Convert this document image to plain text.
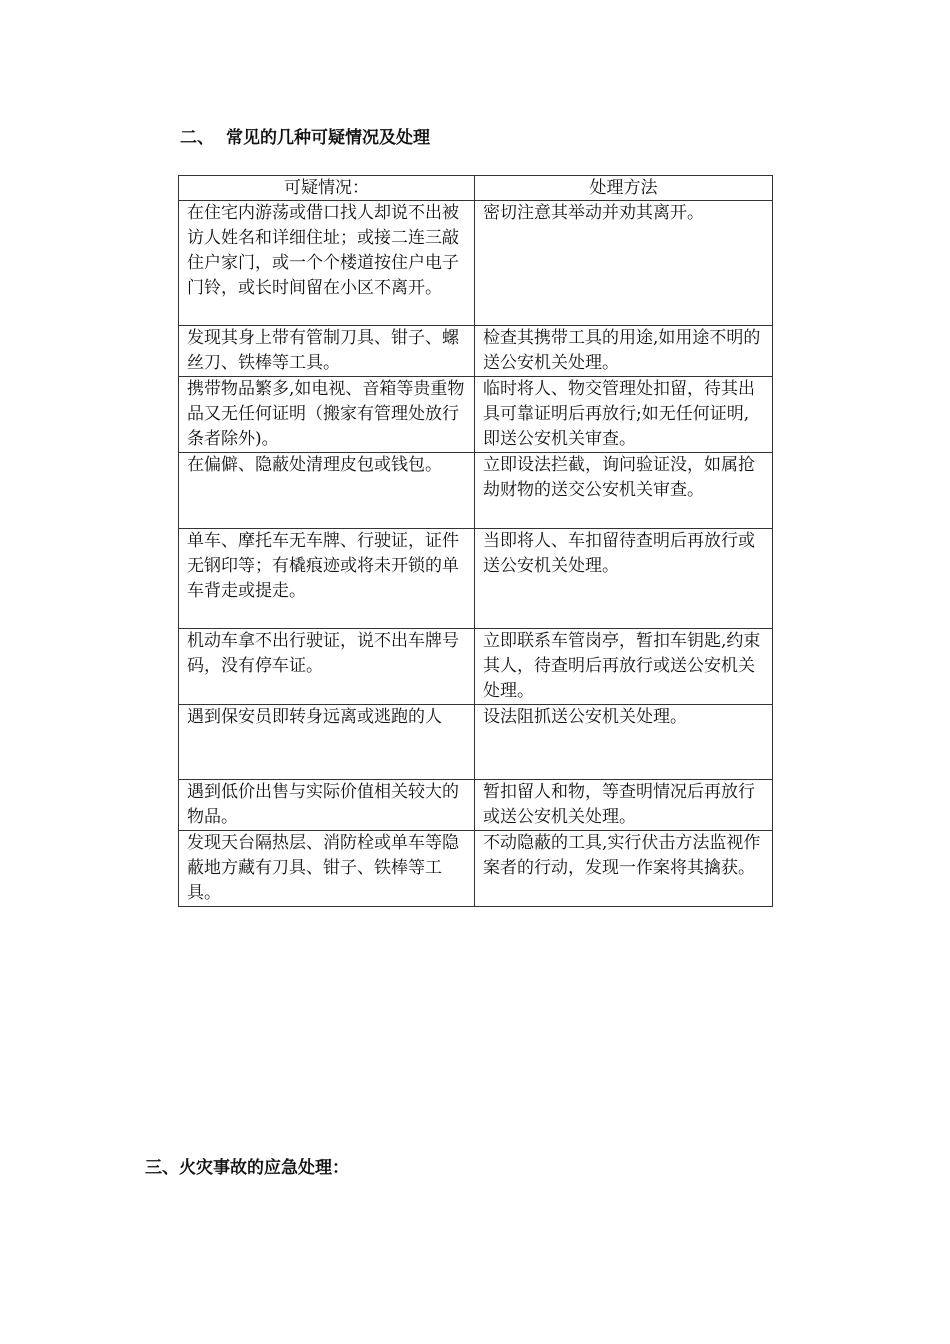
二、 常见的几种可疑情况及处理
可疑情况：	处理方法
在住宅内游荡或借口找人却说不出被访人姓名和详细住址；或接二连三敲住户家门，或一个个楼道按住户电子门铃，或长时间留在小区不离开。	密切注意其举动并劝其离开。
发现其身上带有管制刀具、钳子、螺丝刀、铁棒等工具。	检查其携带工具的用途,如用途不明的送公安机关处理。
携带物品繁多,如电视、音箱等贵重物品又无任何证明（搬家有管理处放行条者除外)。	临时将人、物交管理处扣留，待其出具可靠证明后再放行;如无任何证明,即送公安机关审查。
在偏僻、隐蔽处清理皮包或钱包。	立即设法拦截，询问验证没，如属抢劫财物的送交公安机关审查。
单车、摩托车无车牌、行驶证，证件无钢印等；有橇痕迹或将未开锁的单车背走或提走。	当即将人、车扣留待查明后再放行或送公安机关处理。
机动车拿不出行驶证，说不出车牌号码，没有停车证。	立即联系车管岗亭，暂扣车钥匙,约束其人，待查明后再放行或送公安机关处理。
遇到保安员即转身远离或逃跑的人	设法阻抓送公安机关处理。
遇到低价出售与实际价值相关较大的物品。	暂扣留人和物，等查明情况后再放行或送公安机关处理。
发现天台隔热层、消防栓或单车等隐蔽地方藏有刀具、钳子、铁棒等工具。	不动隐蔽的工具,实行伏击方法监视作案者的行动，发现一作案将其擒获。
三、火灾事故的应急处理：
